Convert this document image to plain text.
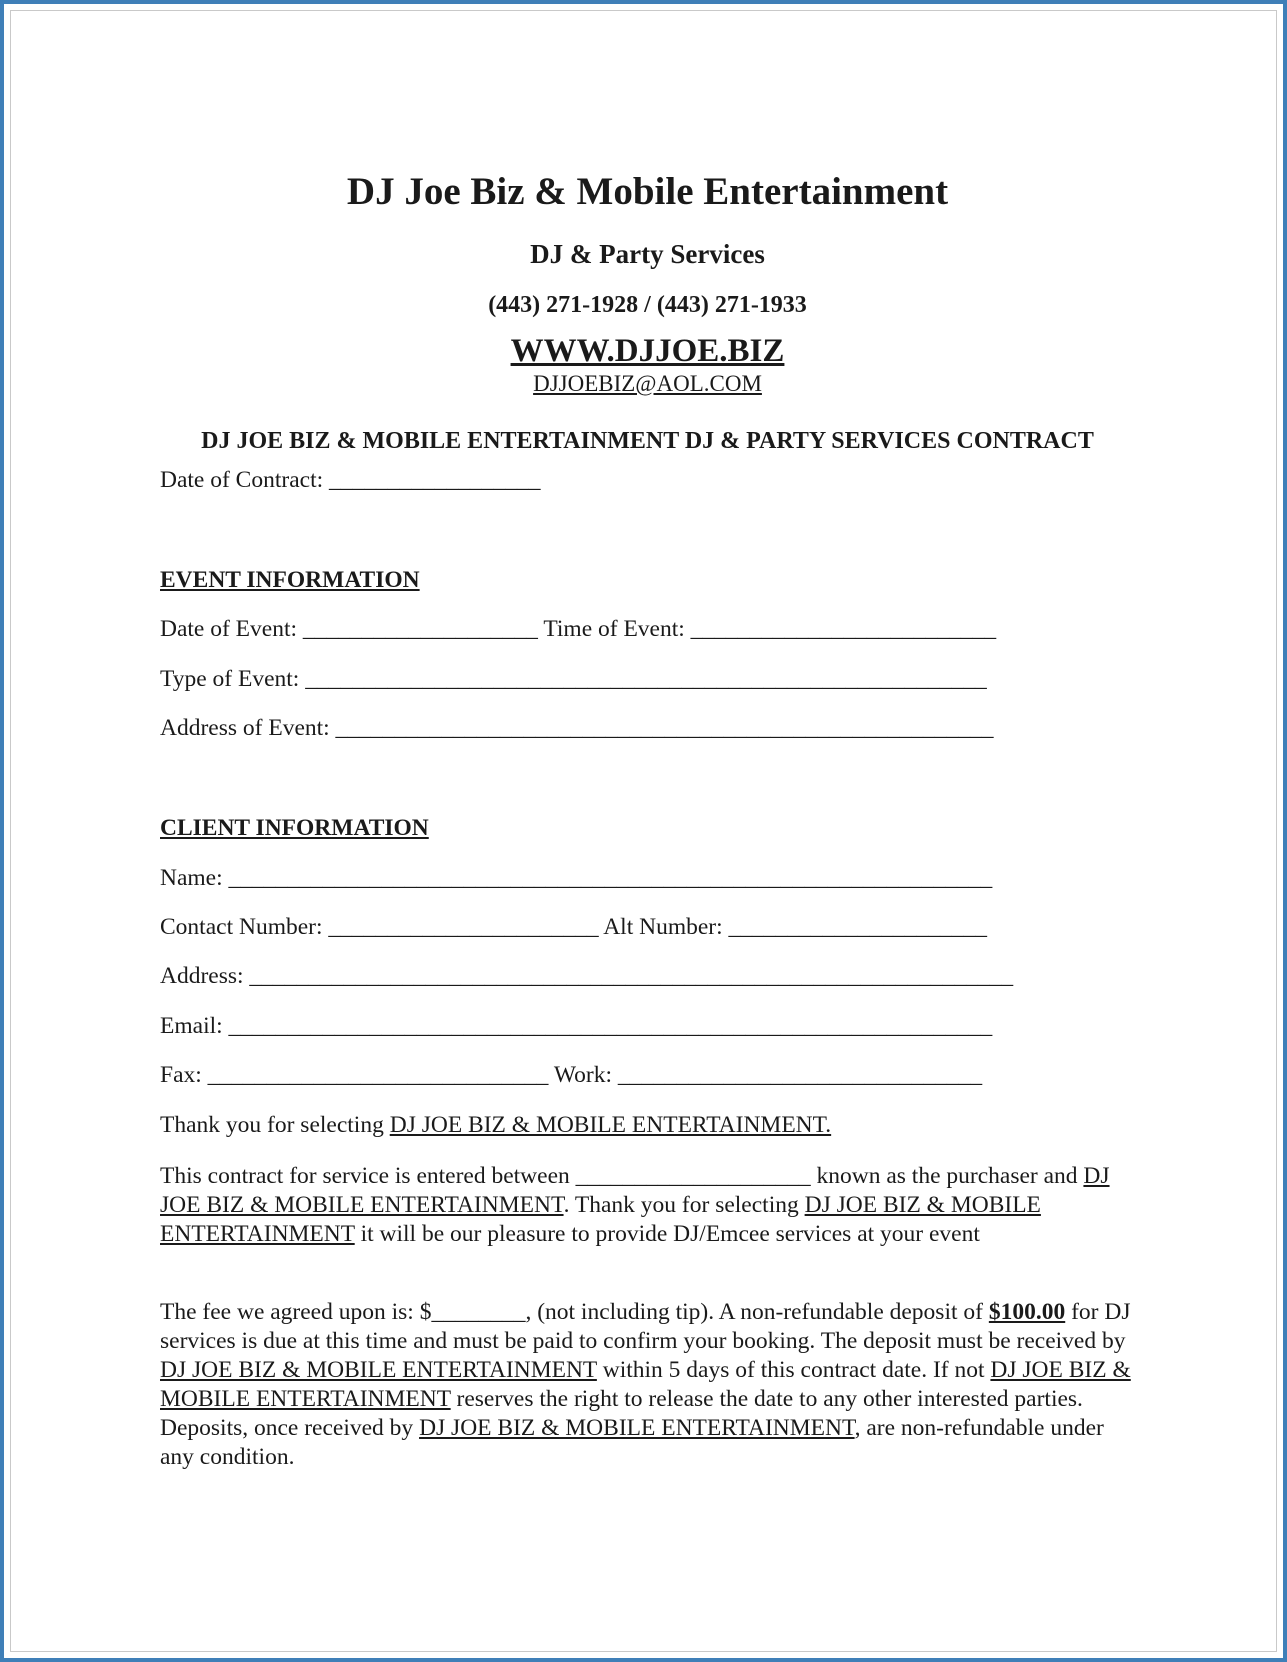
DJ Joe Biz & Mobile Entertainment
DJ & Party Services
(443) 271-1928 / (443) 271-1933
WWW.DJJOE.BIZ
DJJOEBIZ@AOL.COM
DJ JOE BIZ & MOBILE ENTERTAINMENT DJ & PARTY SERVICES CONTRACT
Date of Contract: __________________
EVENT INFORMATION
Date of Event: ____________________ Time of Event: __________________________
Type of Event: __________________________________________________________
Address of Event: ________________________________________________________
CLIENT INFORMATION
Name: _________________________________________________________________
Contact Number: _______________________ Alt Number: ______________________
Address: _________________________________________________________________
Email: _________________________________________________________________
Fax: _____________________________ Work: _______________________________
Thank you for selecting DJ JOE BIZ & MOBILE ENTERTAINMENT.
This contract for service is entered between ____________________ known as the purchaser and DJ JOE BIZ & MOBILE ENTERTAINMENT. Thank you for selecting DJ JOE BIZ & MOBILE ENTERTAINMENT it will be our pleasure to provide DJ/Emcee services at your event
The fee we agreed upon is: $________, (not including tip). A non-refundable deposit of $100.00 for DJ services is due at this time and must be paid to confirm your booking. The deposit must be received by DJ JOE BIZ & MOBILE ENTERTAINMENT within 5 days of this contract date. If not DJ JOE BIZ & MOBILE ENTERTAINMENT reserves the right to release the date to any other interested parties. Deposits, once received by DJ JOE BIZ & MOBILE ENTERTAINMENT, are non-refundable under any condition.
